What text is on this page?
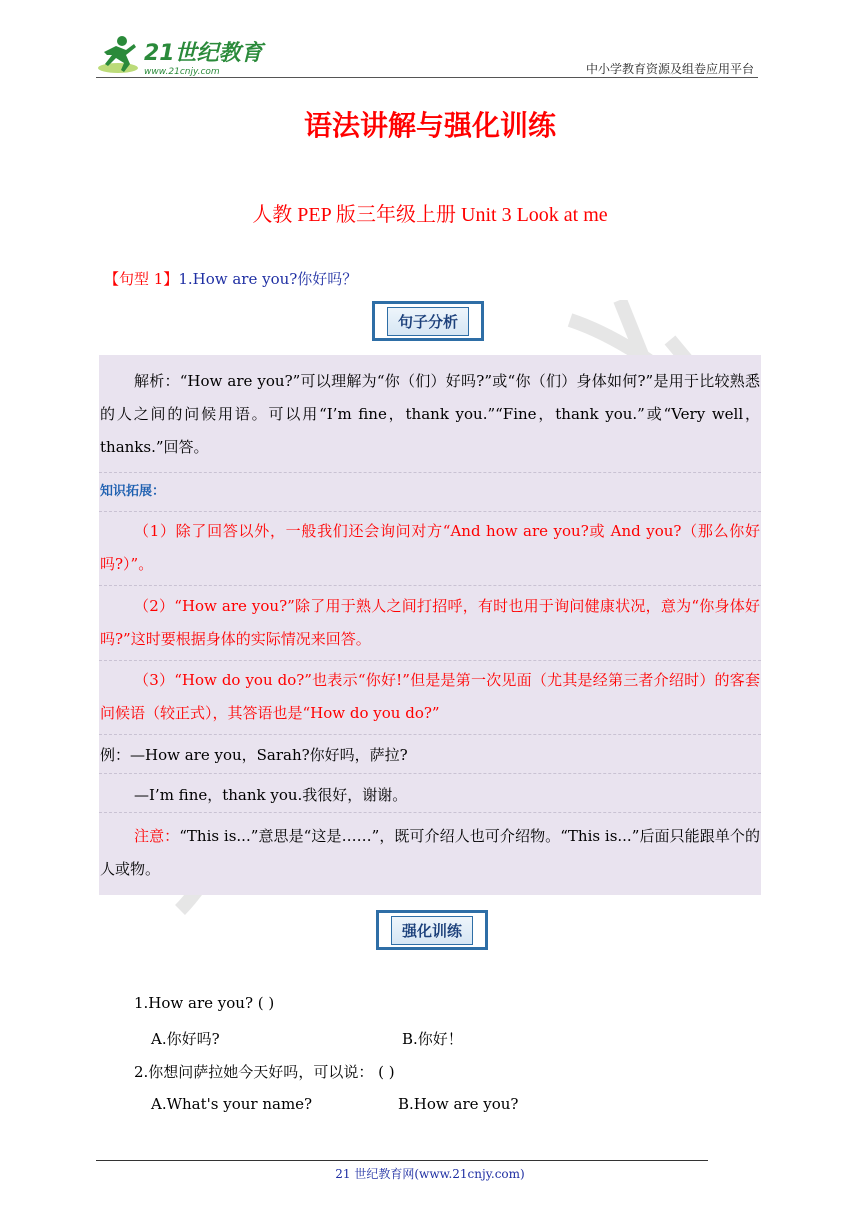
21世纪教育
www.21cnjy.com	中小学教育资源及组卷应用平台
语法讲解与强化训练
人教 PEP 版三年级上册 Unit 3 Look at me
【句型 1】1.How are you?你好吗？
句子分析
解析：“How are you?”可以理解为“你（们）好吗?”或“你（们）身体如何?”是用于比较熟悉的人之间的问候用语。可以用“I’m fine，thank you.”“Fine，thank you.”或“Very well，thanks.”回答。
知识拓展：
（1）除了回答以外，一般我们还会询问对方“And how are you?或 And you?（那么你好吗?）”。
（2）“How are you?”除了用于熟人之间打招呼，有时也用于询问健康状况，意为“你身体好吗?”这时要根据身体的实际情况来回答。
（3）“How do you do?”也表示“你好!”但是是第一次见面（尤其是经第三者介绍时）的客套问候语（较正式），其答语也是“How do you do?”
例：—How are you，Sarah?你好吗，萨拉?
—I’m fine，thank you.我很好，谢谢。
注意：“This is...”意思是“这是……”，既可介绍人也可介绍物。“This is...”后面只能跟单个的人或物。
强化训练
1.How are you? ( )
A.你好吗?	B.你好！
2.你想问萨拉她今天好吗，可以说： ( )
A.What's your name?	B.How are you?
21 世纪教育网(www.21cnjy.com)
